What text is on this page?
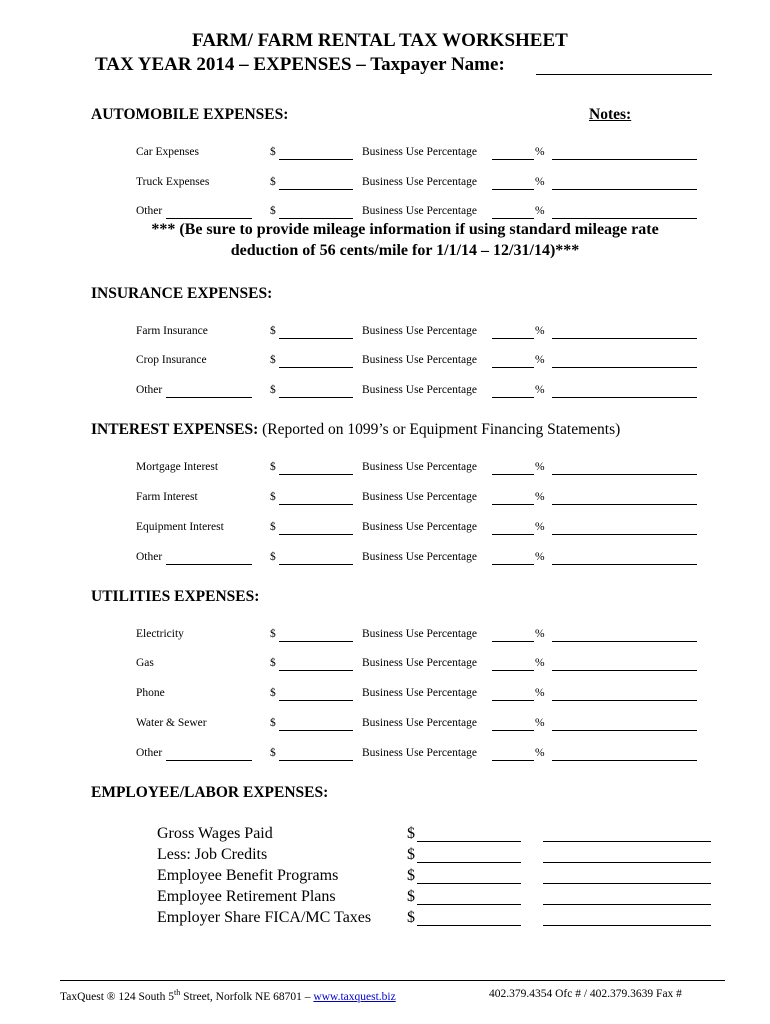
FARM/ FARM RENTAL TAX WORKSHEET
TAX YEAR 2014 – EXPENSES – Taxpayer Name:
AUTOMOBILE EXPENSES:	Notes:
Car Expenses	$	Business Use Percentage	%
Truck Expenses	$	Business Use Percentage	%
Other	$	Business Use Percentage	%
*** (Be sure to provide mileage information if using standard mileage rate
deduction of 56 cents/mile for 1/1/14 – 12/31/14)***
INSURANCE EXPENSES:
Farm Insurance	$	Business Use Percentage	%
Crop Insurance	$	Business Use Percentage	%
Other	$	Business Use Percentage	%
INTEREST EXPENSES: (Reported on 1099’s or Equipment Financing Statements)
Mortgage Interest	$	Business Use Percentage	%
Farm Interest	$	Business Use Percentage	%
Equipment Interest	$	Business Use Percentage	%
Other	$	Business Use Percentage	%
UTILITIES EXPENSES:
Electricity	$	Business Use Percentage	%
Gas	$	Business Use Percentage	%
Phone	$	Business Use Percentage	%
Water & Sewer	$	Business Use Percentage	%
Other	$	Business Use Percentage	%
EMPLOYEE/LABOR EXPENSES:
Gross Wages Paid	$
Less: Job Credits	$
Employee Benefit Programs	$
Employee Retirement Plans	$
Employer Share FICA/MC Taxes $
TaxQuest ® 124 South 5th Street, Norfolk NE 68701 – www.taxquest.biz	402.379.4354 Ofc # / 402.379.3639 Fax #
